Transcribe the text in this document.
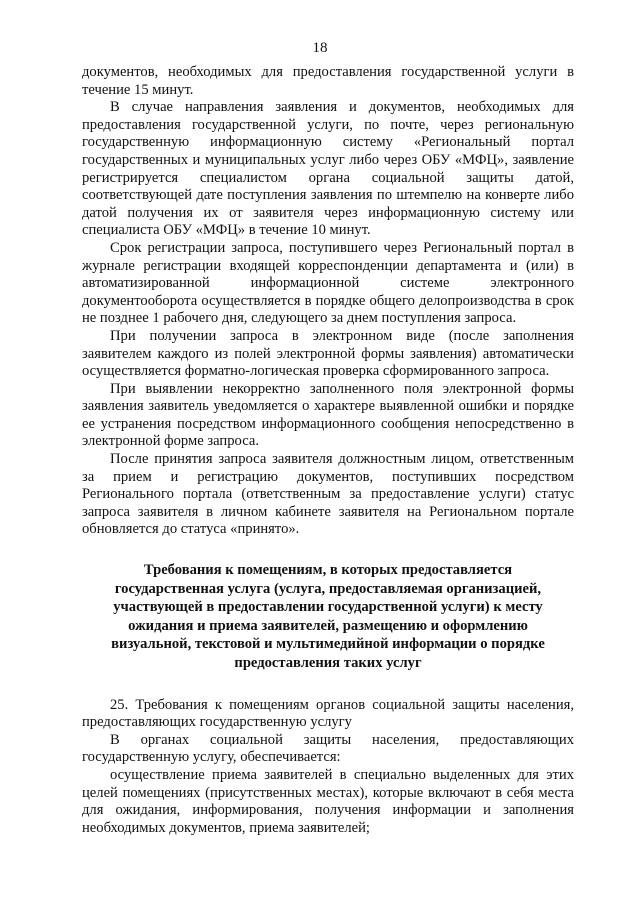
18

документов, необходимых для предоставления государственной услуги в течение 15 минут.

В случае направления заявления и документов, необходимых для предоставления государственной услуги, по почте, через региональную государственную информационную систему «Региональный портал государственных и муниципальных услуг либо через ОБУ «МФЦ», заявление регистрируется специалистом органа социальной защиты датой, соответствующей дате поступления заявления по штемпелю на конверте либо датой получения их от заявителя через информационную систему или специалиста ОБУ «МФЦ» в течение 10 минут.

Срок регистрации запроса, поступившего через Региональный портал в журнале регистрации входящей корреспонденции департамента и (или) в автоматизированной информационной системе электронного документооборота осуществляется в порядке общего делопроизводства в срок не позднее 1 рабочего дня, следующего за днем поступления запроса.

При получении запроса в электронном виде (после заполнения заявителем каждого из полей электронной формы заявления) автоматически осуществляется форматно-логическая проверка сформированного запроса.

При выявлении некорректно заполненного поля электронной формы заявления заявитель уведомляется о характере выявленной ошибки и порядке ее устранения посредством информационного сообщения непосредственно в электронной форме запроса.

После принятия запроса заявителя должностным лицом, ответственным за прием и регистрацию документов, поступивших посредством Регионального портала (ответственным за предоставление услуги) статус запроса заявителя в личном кабинете заявителя на Региональном портале обновляется до статуса «принято».

Требования к помещениям, в которых предоставляется государственная услуга (услуга, предоставляемая организацией, участвующей в предоставлении государственной услуги) к месту ожидания и приема заявителей, размещению и оформлению визуальной, текстовой и мультимедийной информации о порядке предоставления таких услуг

25. Требования к помещениям органов социальной защиты населения, предоставляющих государственную услугу

В органах социальной защиты населения, предоставляющих государственную услугу, обеспечивается:

осуществление приема заявителей в специально выделенных для этих целей помещениях (присутственных местах), которые включают в себя места для ожидания, информирования, получения информации и заполнения необходимых документов, приема заявителей;
